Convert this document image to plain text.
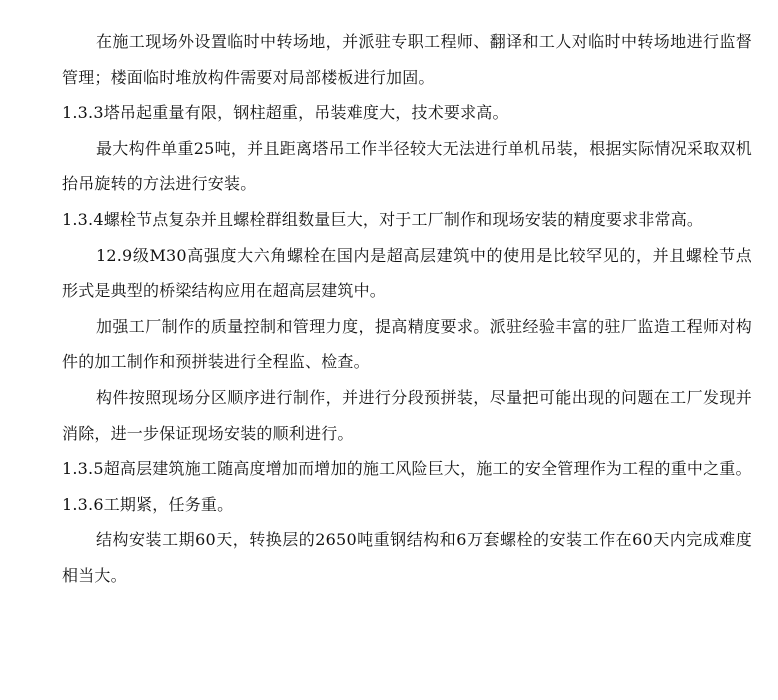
在施工现场外设置临时中转场地，并派驻专职工程师、翻译和工人对临时中转场地进行监督管理；楼面临时堆放构件需要对局部楼板进行加固。

1.3.3塔吊起重量有限，钢柱超重，吊装难度大，技术要求高。

最大构件单重25吨，并且距离塔吊工作半径较大无法进行单机吊装，根据实际情况采取双机抬吊旋转的方法进行安装。

1.3.4螺栓节点复杂并且螺栓群组数量巨大，对于工厂制作和现场安装的精度要求非常高。

12.9级M30高强度大六角螺栓在国内是超高层建筑中的使用是比较罕见的，并且螺栓节点形式是典型的桥梁结构应用在超高层建筑中。

加强工厂制作的质量控制和管理力度，提高精度要求。派驻经验丰富的驻厂监造工程师对构件的加工制作和预拼装进行全程监、检查。

构件按照现场分区顺序进行制作，并进行分段预拼装，尽量把可能出现的问题在工厂发现并消除，进一步保证现场安装的顺利进行。

1.3.5超高层建筑施工随高度增加而增加的施工风险巨大，施工的安全管理作为工程的重中之重。

1.3.6工期紧，任务重。

结构安装工期60天，转换层的2650吨重钢结构和6万套螺栓的安装工作在60天内完成难度相当大。
